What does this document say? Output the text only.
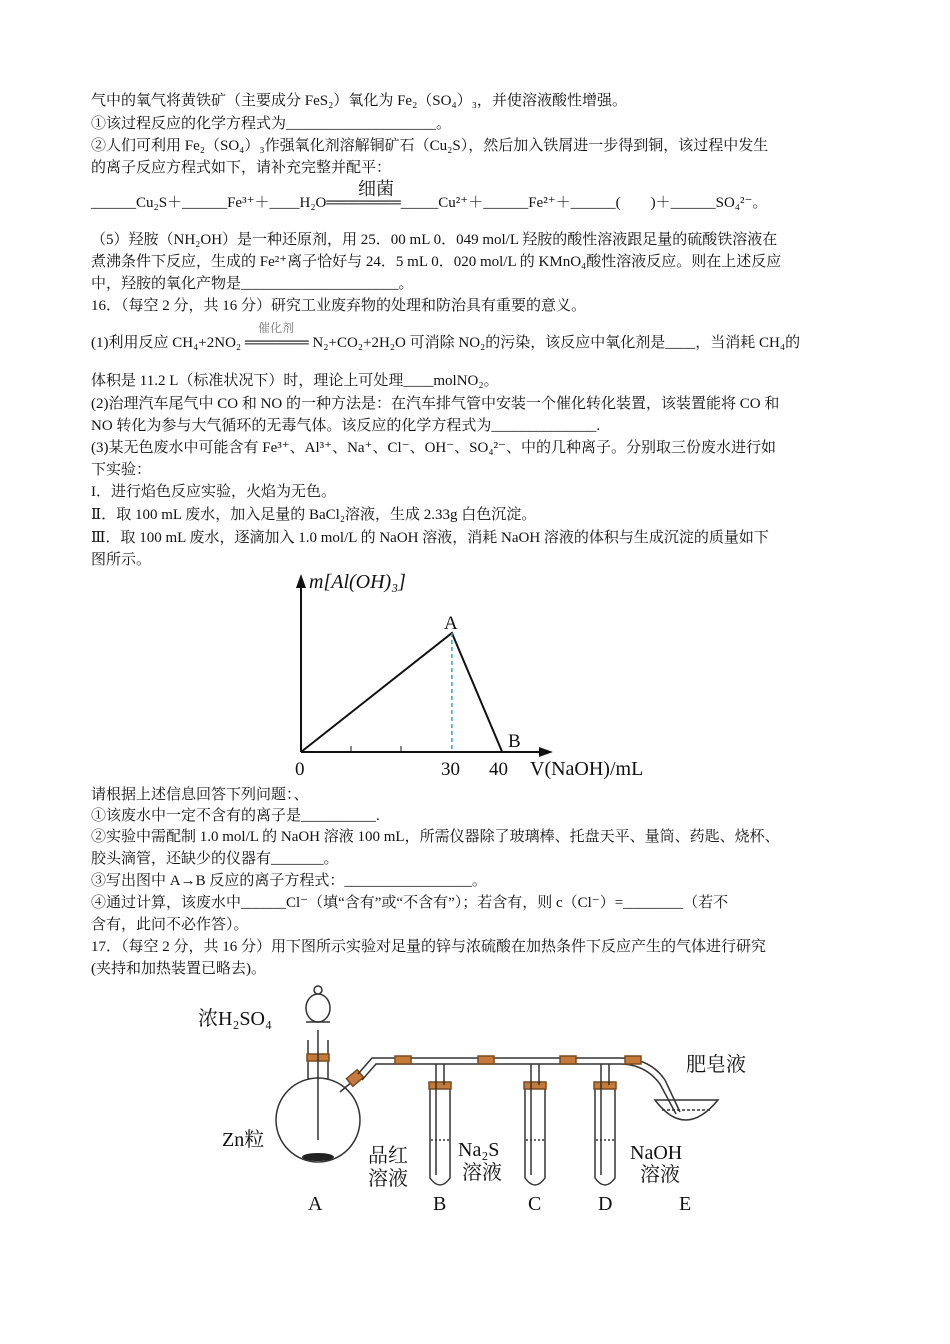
气中的氧气将黄铁矿（主要成分 FeS₂）氧化为 Fe₂（SO₄）₃，并使溶液酸性增强。
①该过程反应的化学方程式为____________________。
②人们可利用 Fe₂（SO₄）₃作强氧化剂溶解铜矿石（Cu₂S），然后加入铁屑进一步得到铜，该过程中发生
的离子反应方程式如下，请补充完整并配平：
______Cu₂S＋______Fe³⁺＋____H₂O═══════_____Cu²⁺＋______Fe²⁺＋______(　　)＋______SO₄²⁻。
细菌
（5）羟胺（NH₂OH）是一种还原剂，用 25．00 mL 0．049 mol/L 羟胺的酸性溶液跟足量的硫酸铁溶液在
煮沸条件下反应，生成的 Fe²⁺离子恰好与 24．5 mL 0．020 mol/L 的 KMnO₄酸性溶液反应。则在上述反应
中，羟胺的氧化产物是_____________________。
16．（每空 2 分，共 16 分）研究工业废弃物的处理和防治具有重要的意义。
催化剂
(1)利用反应 CH₄+2NO₂ ══════ N₂+CO₂+2H₂O 可消除 NO₂的污染，该反应中氧化剂是____，当消耗 CH₄的
体积是 11.2 L（标准状况下）时，理论上可处理____molNO₂。
(2)治理汽车尾气中 CO 和 NO 的一种方法是：在汽车排气管中安装一个催化转化装置，该装置能将 CO 和
NO 转化为参与大气循环的无毒气体。该反应的化学方程式为______________.
(3)某无色废水中可能含有 Fe³⁺、Al³⁺、Na⁺、Cl⁻、OH⁻、SO₄²⁻、中的几种离子。分别取三份废水进行如
下实验：
I．进行焰色反应实验，火焰为无色。
Ⅱ．取 100 mL 废水，加入足量的 BaCl₂溶液，生成 2.33g 白色沉淀。
Ⅲ．取 100 mL 废水，逐滴加入 1.0 mol/L 的 NaOH 溶液，消耗 NaOH 溶液的体积与生成沉淀的质量如下
图所示。
请根据上述信息回答下列问题：、
①该废水中一定不含有的离子是__________.
②实验中需配制 1.0 mol/L 的 NaOH 溶液 100 mL，所需仪器除了玻璃棒、托盘天平、量筒、药匙、烧杯、
胶头滴管，还缺少的仪器有_______。
③写出图中 A→B 反应的离子方程式：_________________。
④通过计算，该废水中______Cl⁻（填“含有”或“不含有”）；若含有，则 c（Cl⁻）=________（若不
含有，此问不必作答）。
17．（每空 2 分，共 16 分）用下图所示实验对足量的锌与浓硫酸在加热条件下反应产生的气体进行研究
(夹持和加热装置已略去)。
m[Al(OH)₃]
A
B
0	30 40 V(NaOH)/mL
浓H₂SO₄
Zn粒
肥皂液
品红
溶液
Na₂S
溶液
NaOH
溶液
A	B	C	D	E
